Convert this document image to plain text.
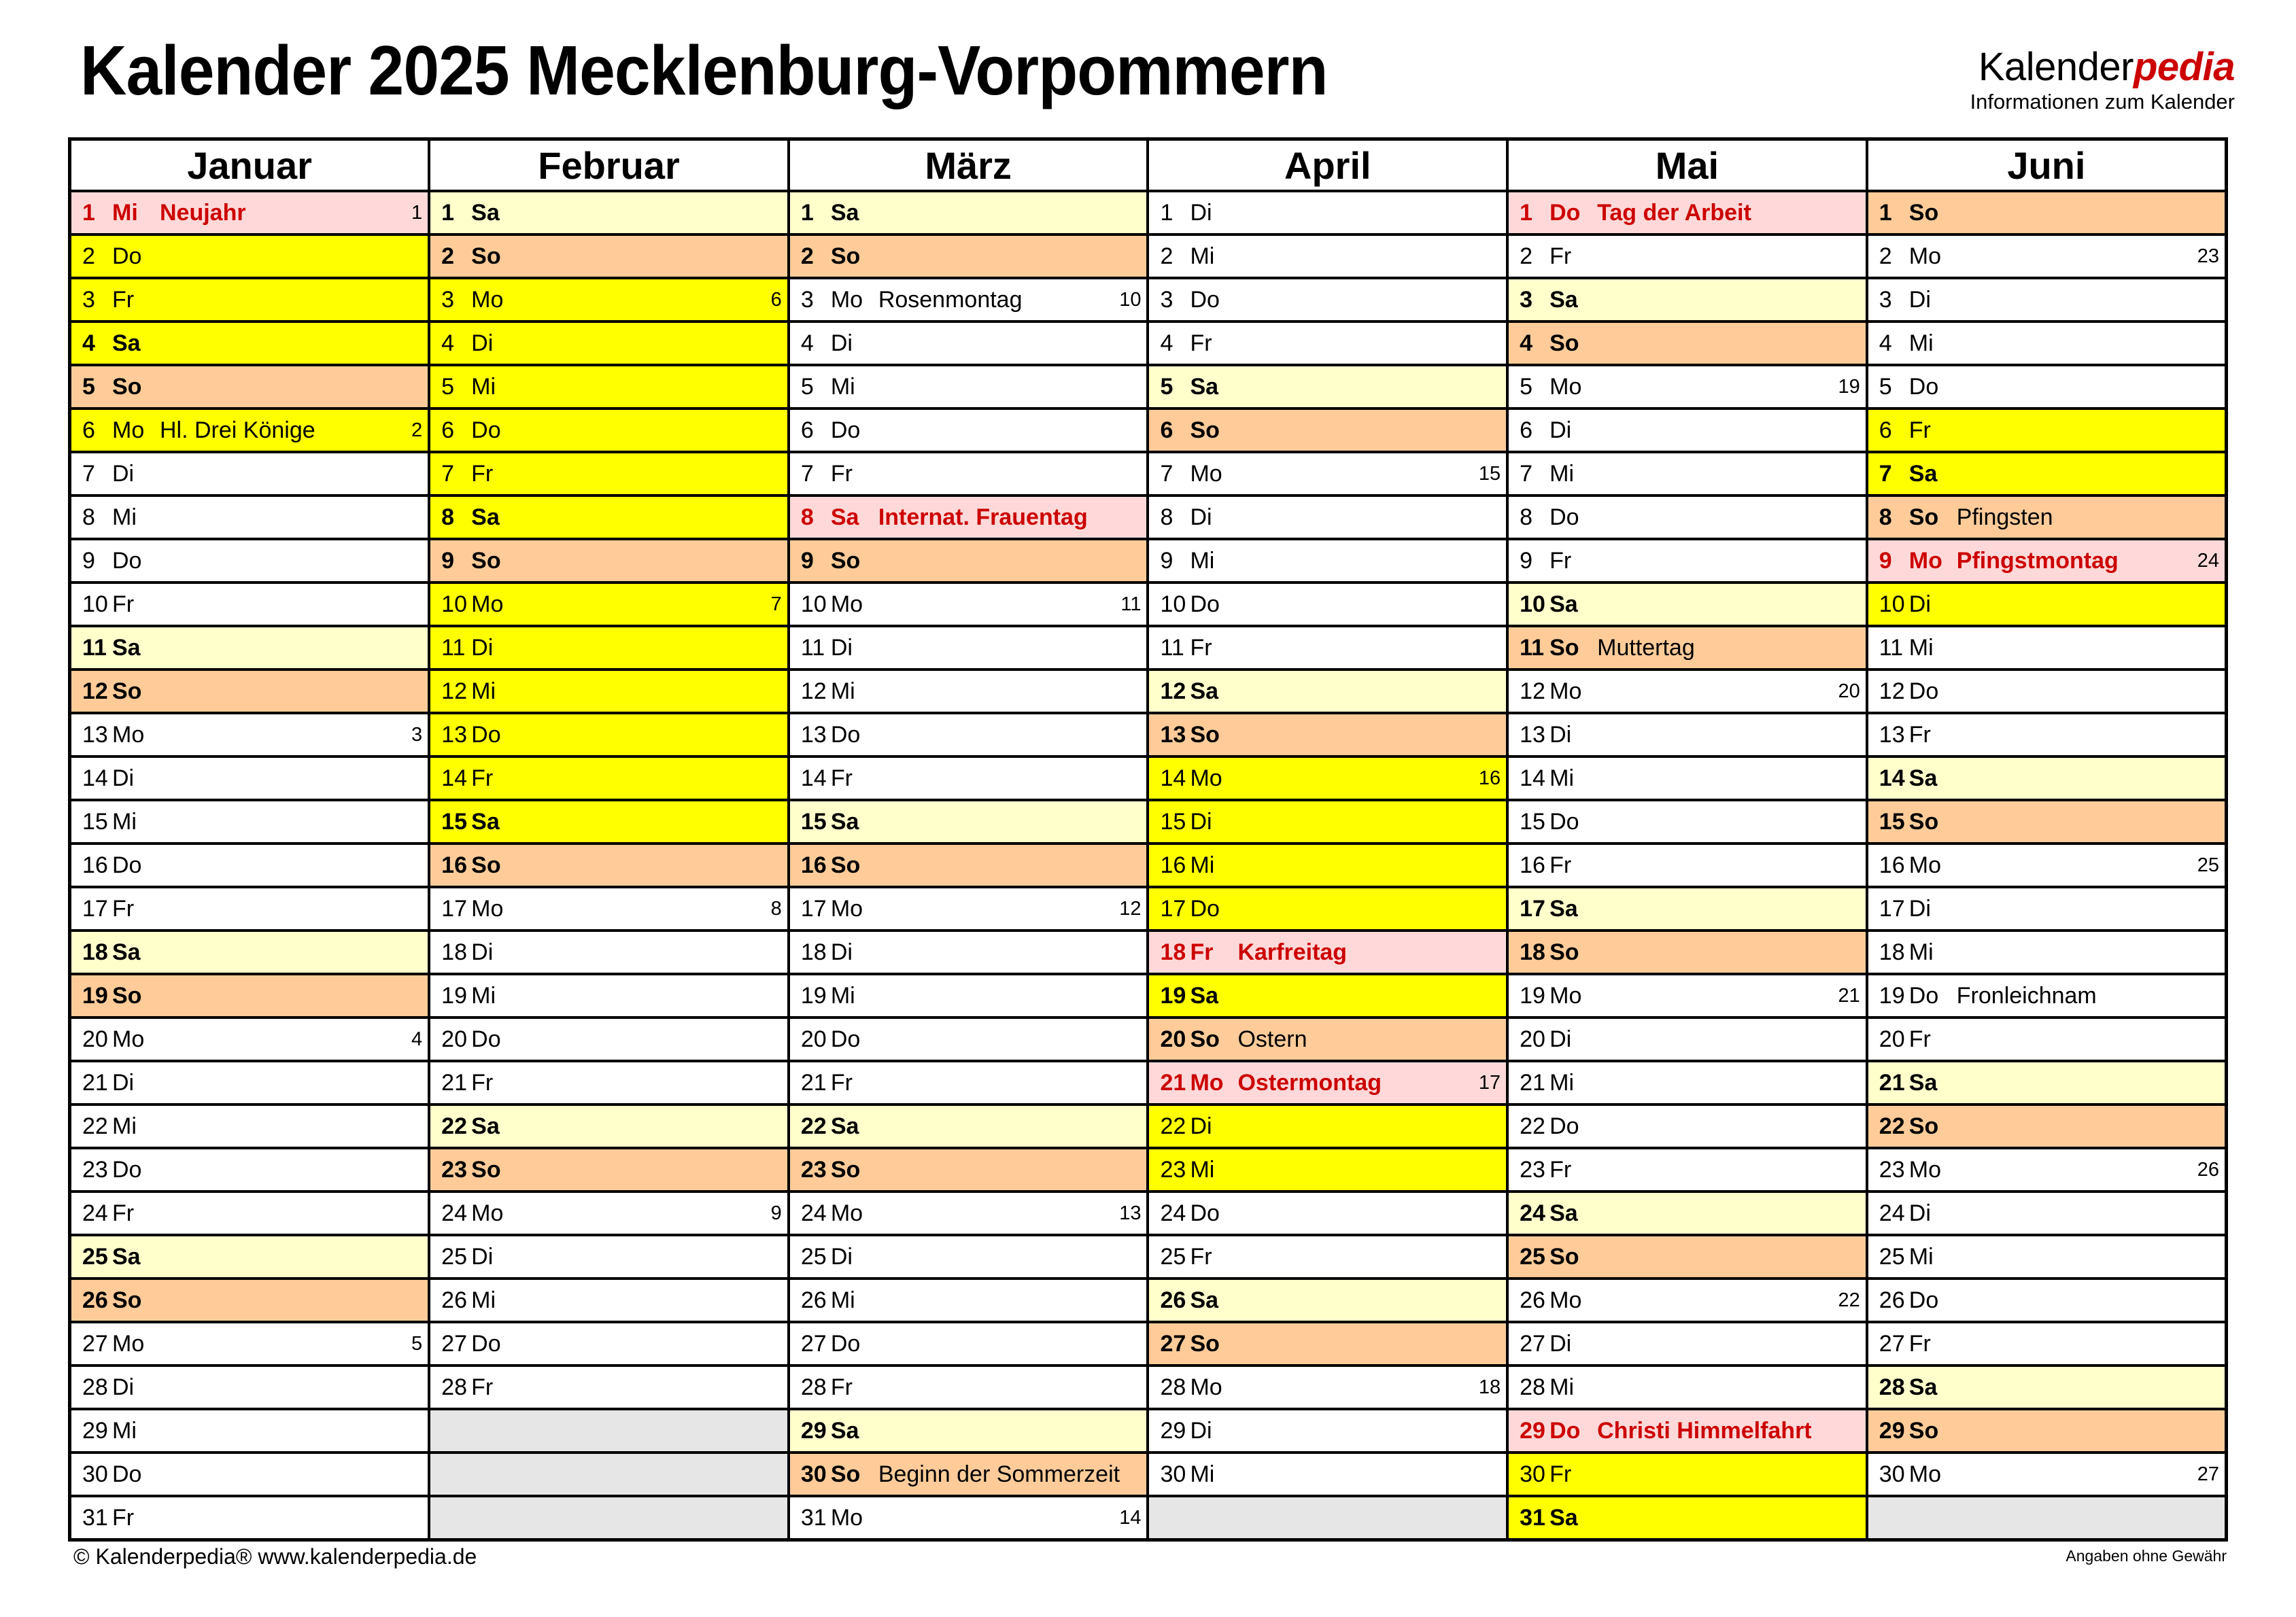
Kalender 2025 Mecklenburg-Vorpommern	Kalenderpedia
Informationen zum Kalender
Januar	Februar	März	April	Mai	Juni

1 Mi Neujahr 1	1 Sa	1 Sa	1 Di	1 Do Tag der Arbeit	1 So

2 Do	2 So	2 So	2 Mi	2 Fr	2 Mo 23

3 Fr	3 Mo 6	3 Mo Rosenmontag 10	3 Do	3 Sa	3 Di

4 Sa	4 Di	4 Di	4 Fr	4 So	4 Mi

5 So	5 Mi	5 Mi	5 Sa	5 Mo 19	5 Do

6 Mo Hl. Drei Könige 2	6 Do	6 Do	6 So	6 Di	6 Fr

7 Di	7 Fr	7 Fr	7 Mo 15	7 Mi	7 Sa

8 Mi	8 Sa	8 Sa Internat. Frauentag	8 Di	8 Do	8 So Pfingsten

9 Do	9 So	9 So	9 Mi	9 Fr	9 Mo Pfingstmontag 24

10 Fr	10 Mo 7	10 Mo 11	10 Do	10 Sa	10 Di

11 Sa	11 Di	11 Di	11 Fr	11 So Muttertag	11 Mi

12 So	12 Mi	12 Mi	12 Sa	12 Mo 20	12 Do

13 Mo 3	13 Do	13 Do	13 So	13 Di	13 Fr

14 Di	14 Fr	14 Fr	14 Mo 16	14 Mi	14 Sa

15 Mi	15 Sa	15 Sa	15 Di	15 Do	15 So

16 Do	16 So	16 So	16 Mi	16 Fr	16 Mo 25

17 Fr	17 Mo 8	17 Mo 12	17 Do	17 Sa	17 Di

18 Sa	18 Di	18 Di	18 Fr Karfreitag	18 So	18 Mi

19 So	19 Mi	19 Mi	19 Sa	19 Mo 21	19 Do Fronleichnam

20 Mo 4	20 Do	20 Do	20 So Ostern	20 Di	20 Fr

21 Di	21 Fr	21 Fr	21 Mo Ostermontag 17	21 Mi	21 Sa

22 Mi	22 Sa	22 Sa	22 Di	22 Do	22 So

23 Do	23 So	23 So	23 Mi	23 Fr	23 Mo 26

24 Fr	24 Mo 9	24 Mo 13	24 Do	24 Sa	24 Di

25 Sa	25 Di	25 Di	25 Fr	25 So	25 Mi

26 So	26 Mi	26 Mi	26 Sa	26 Mo 22	26 Do

27 Mo 5	27 Do	27 Do	27 So	27 Di	27 Fr

28 Di	28 Fr	28 Fr	28 Mo 18	28 Mi	28 Sa

29 Mi		29 Sa	29 Di	29 Do Christi Himmelfahrt	29 So

30 Do		30 So Beginn der Sommerzeit	30 Mi	30 Fr	30 Mo 27

31 Fr		31 Mo 14		31 Sa	

© Kalenderpedia® www.kalenderpedia.de	Angaben ohne Gewähr
